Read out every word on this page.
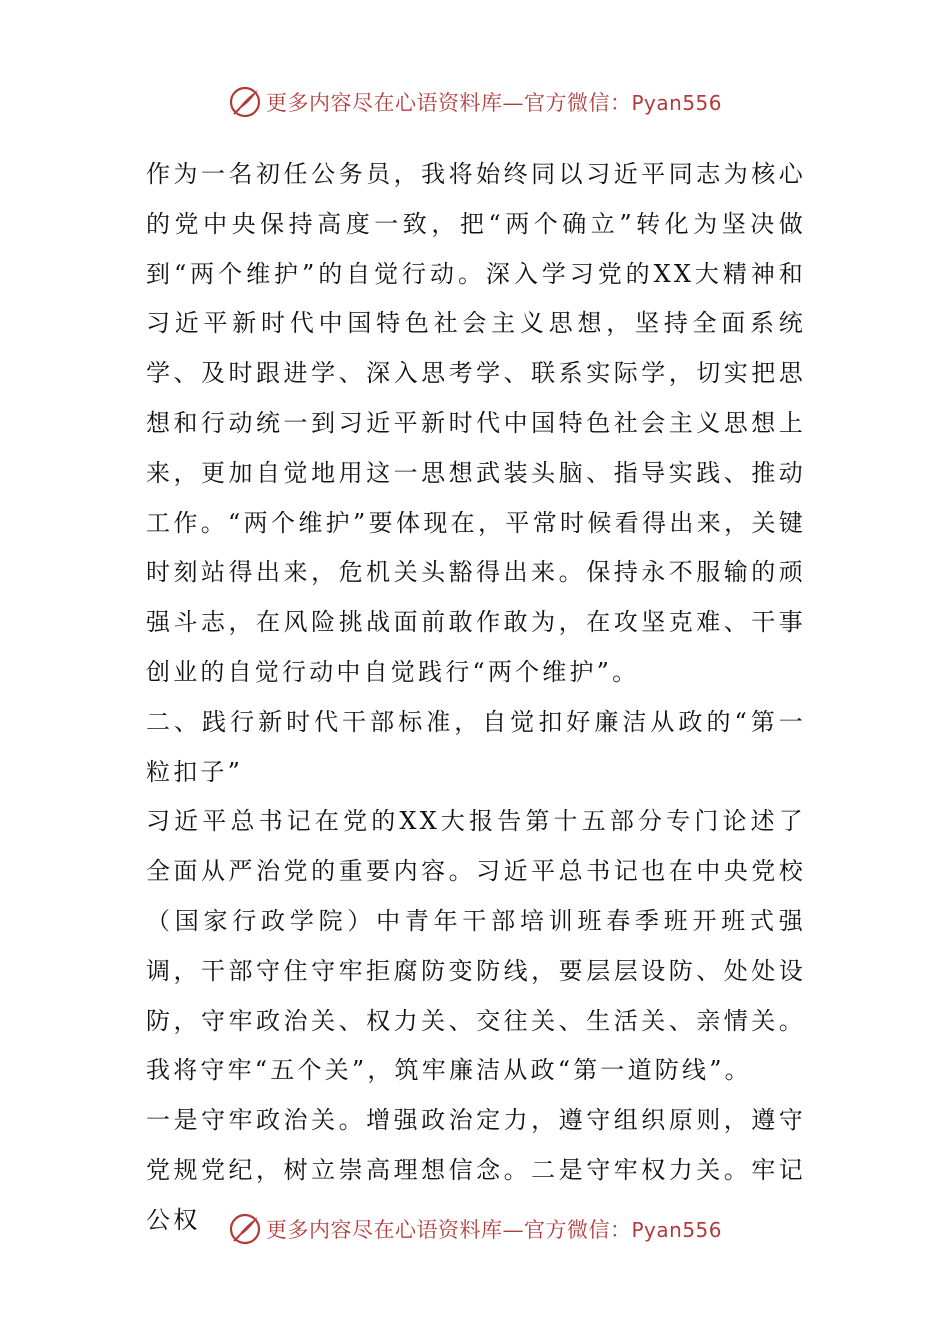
更多内容尽在心语资料库—官方微信：Pyan556

作为一名初任公务员，我将始终同以习近平同志为核心的党中央保持高度一致，把“两个确立”转化为坚决做到“两个维护”的自觉行动。深入学习党的XX大精神和习近平新时代中国特色社会主义思想，坚持全面系统学、及时跟进学、深入思考学、联系实际学，切实把思想和行动统一到习近平新时代中国特色社会主义思想上来，更加自觉地用这一思想武装头脑、指导实践、推动工作。“两个维护”要体现在，平常时候看得出来，关键时刻站得出来，危机关头豁得出来。保持永不服输的顽强斗志，在风险挑战面前敢作敢为，在攻坚克难、干事创业的自觉行动中自觉践行“两个维护”。

二、践行新时代干部标准，自觉扣好廉洁从政的“第一粒扣子”

习近平总书记在党的XX大报告第十五部分专门论述了全面从严治党的重要内容。习近平总书记也在中央党校（国家行政学院）中青年干部培训班春季班开班式强调，干部守住守牢拒腐防变防线，要层层设防、处处设防，守牢政治关、权力关、交往关、生活关、亲情关。我将守牢“五个关”，筑牢廉洁从政“第一道防线”。

一是守牢政治关。增强政治定力，遵守组织原则，遵守党规党纪，树立崇高理想信念。二是守牢权力关。牢记公权	更多内容尽在心语资料库—官方微信：Pyan556
